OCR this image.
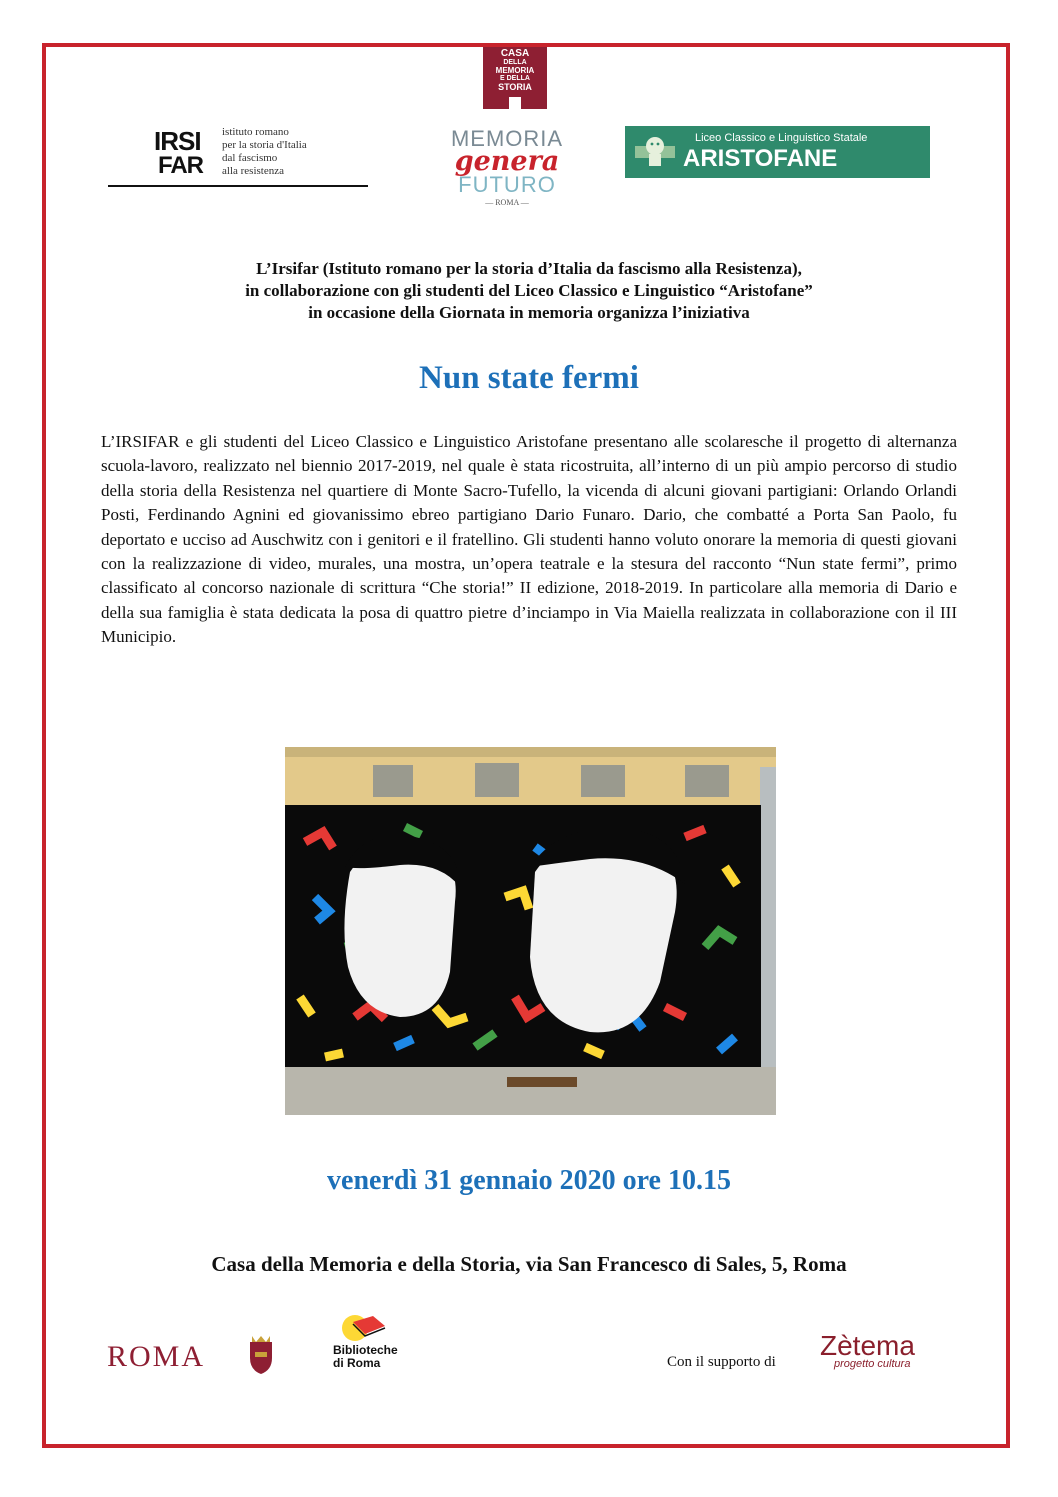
CASA
DELLA
MEMORIA
E DELLA
STORIA
IRSI
FAR
istituto romano
per la storia d'Italia
dal fascismo
alla resistenza
MEMORIA
genera
FUTURO
— ROMA —
Liceo Classico e Linguistico Statale
ARISTOFANE
L’Irsifar (Istituto romano per la storia d’Italia da fascismo alla Resistenza),
in collaborazione con gli studenti del Liceo Classico e Linguistico “Aristofane”
in occasione della Giornata in memoria organizza l’iniziativa
Nun state fermi
L’IRSIFAR e gli studenti del Liceo Classico e Linguistico Aristofane presentano alle scolaresche il progetto di alternanza scuola-lavoro, realizzato nel biennio 2017-2019, nel quale è stata ricostruita, all’interno di un più ampio percorso di studio della storia della Resistenza nel quartiere di Monte Sacro-Tufello, la vicenda di alcuni giovani partigiani: Orlando Orlandi Posti, Ferdinando Agnini ed giovanissimo ebreo partigiano Dario Funaro. Dario, che combatté a Porta San Paolo, fu deportato e ucciso ad Auschwitz con i genitori e il fratellino. Gli studenti hanno voluto onorare la memoria di questi giovani con la realizzazione di video, murales, una mostra, un’opera teatrale e la stesura del racconto “Nun state fermi”, primo classificato al concorso nazionale di scrittura “Che storia!” II edizione, 2018-2019. In particolare alla memoria di Dario e della sua famiglia è stata dedicata la posa di quattro pietre d’inciampo in Via Maiella realizzata in collaborazione con il III Municipio.
venerdì 31 gennaio 2020 ore 10.15
Casa della Memoria e della Storia, via San Francesco di Sales, 5, Roma
ROMA	Biblioteche
di Roma	Con il supporto di
Zètema
progetto cultura
